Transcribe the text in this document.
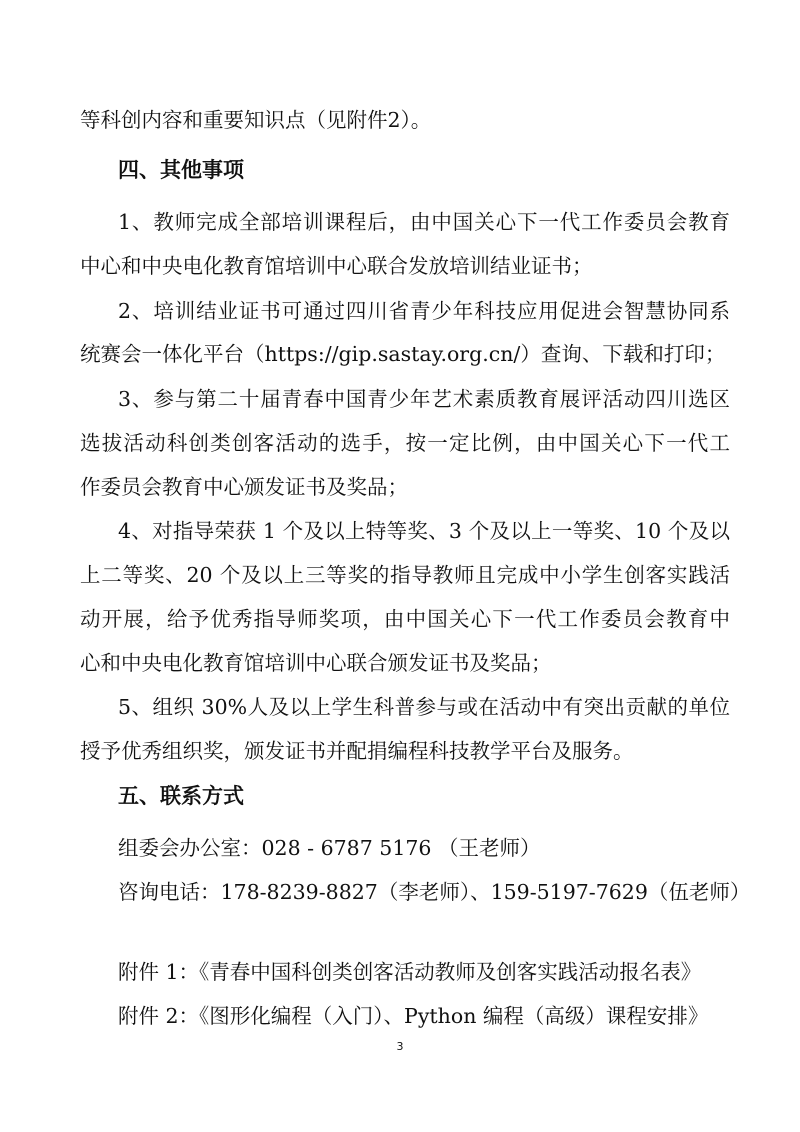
等科创内容和重要知识点（见附件2）。
四、其他事项
1、教师完成全部培训课程后，由中国关心下一代工作委员会教育
中心和中央电化教育馆培训中心联合发放培训结业证书；
2、培训结业证书可通过四川省青少年科技应用促进会智慧协同系
统赛会一体化平台（https://gip.sastay.org.cn/）查询、下载和打印；
3、参与第二十届青春中国青少年艺术素质教育展评活动四川选区
选拔活动科创类创客活动的选手，按一定比例，由中国关心下一代工
作委员会教育中心颁发证书及奖品；
4、对指导荣获 1 个及以上特等奖、3 个及以上一等奖、10 个及以
上二等奖、20 个及以上三等奖的指导教师且完成中小学生创客实践活
动开展，给予优秀指导师奖项，由中国关心下一代工作委员会教育中
心和中央电化教育馆培训中心联合颁发证书及奖品；
5、组织 30%人及以上学生科普参与或在活动中有突出贡献的单位
授予优秀组织奖，颁发证书并配捐编程科技教学平台及服务。
五、联系方式
组委会办公室：028 - 6787 5176 （王老师）
咨询电话：178-8239-8827（李老师）、159-5197-7629（伍老师）
附件 1：《青春中国科创类创客活动教师及创客实践活动报名表》
附件 2：《图形化编程（入门）、Python 编程（高级）课程安排》
3
